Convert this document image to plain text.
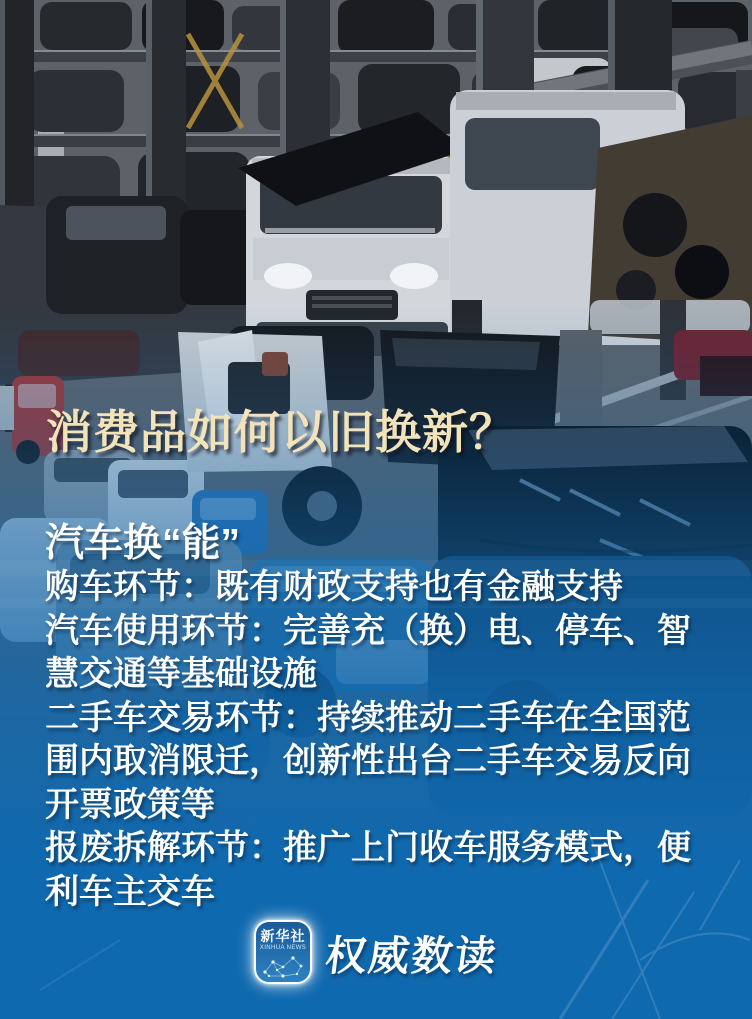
消费品如何以旧换新？
汽车换“能”
购车环节：既有财政支持也有金融支持
汽车使用环节：完善充（换）电、停车、智
慧交通等基础设施
二手车交易环节：持续推动二手车在全国范
围内取消限迁，创新性出台二手车交易反向
开票政策等
报废拆解环节：推广上门收车服务模式，便
利车主交车
新华社
XINHUA NEWS 权威数读
